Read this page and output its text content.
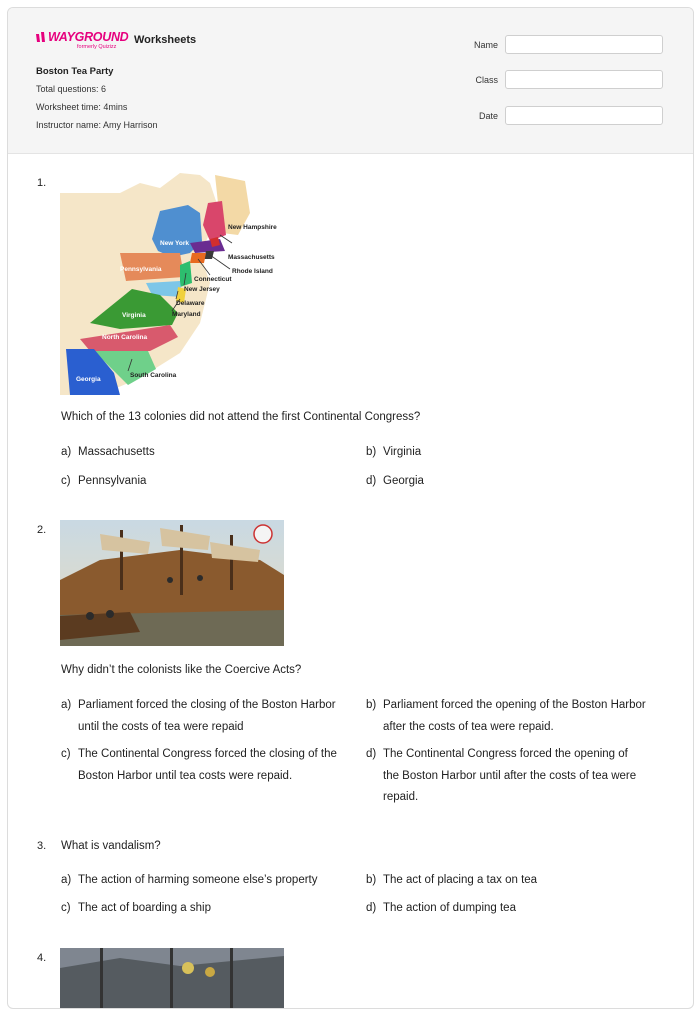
WAYGROUND
formerly Quizizz
Worksheets
Boston Tea Party
Total questions: 6
Worksheet time: 4mins
Instructor name: Amy Harrison
Name
Class
Date
1.
New Hampshire
New York
Massachusetts
Rhode Island
Connecticut
New Jersey
Pennsylvania
Delaware
Maryland
Virginia
North Carolina
South Carolina
Georgia
Which of the 13 colonies did not attend the first Continental Congress?
a) Massachusetts	b) Virginia
c) Pennsylvania	d) Georgia
2.
Why didn’t the colonists like the Coercive Acts?
a) Parliament forced the closing of the Boston Harbor until the costs of tea were repaid
b) Parliament forced the opening of the Boston Harbor after the costs of tea were repaid.
c) The Continental Congress forced the closing of the Boston Harbor until tea costs were repaid.
d) The Continental Congress forced the opening of the Boston Harbor until after the costs of tea were repaid.
3. What is vandalism?
a) The action of harming someone else’s property	b) The act of placing a tax on tea
c) The act of boarding a ship	d) The action of dumping tea
4.
